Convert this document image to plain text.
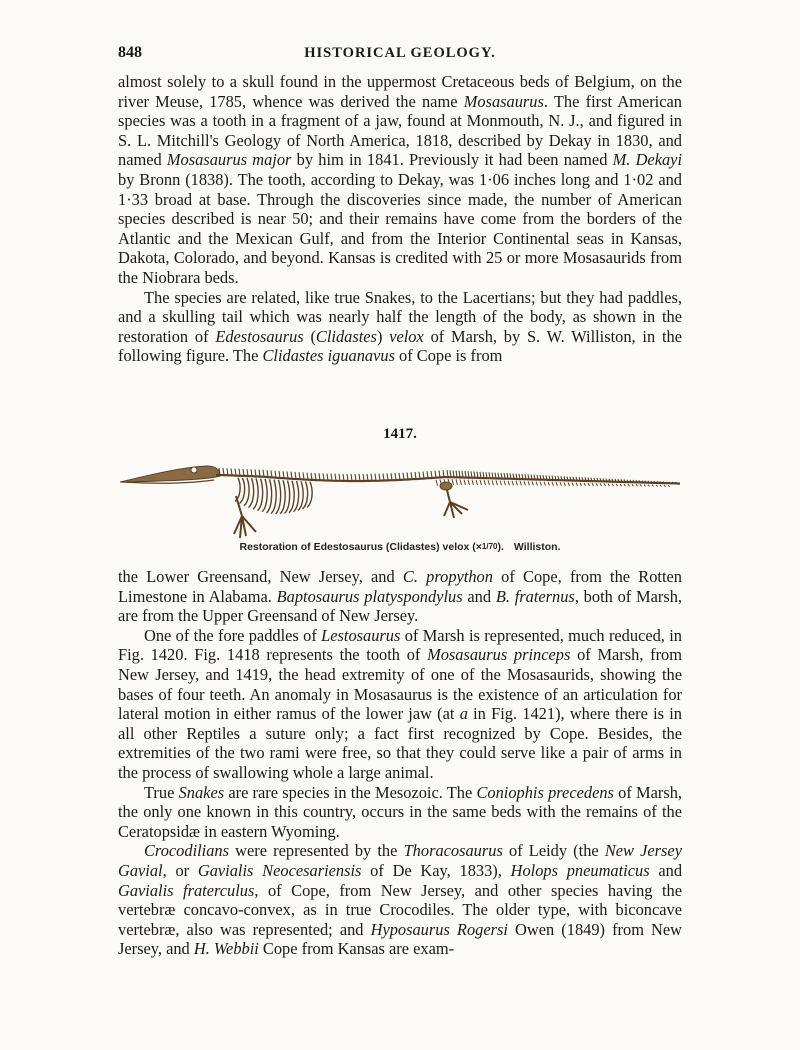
848	HISTORICAL GEOLOGY.

almost solely to a skull found in the uppermost Cretaceous beds of Belgium, on the river Meuse, 1785, whence was derived the name Mosasaurus. The first American species was a tooth in a fragment of a jaw, found at Monmouth, N. J., and figured in S. L. Mitchill's Geology of North America, 1818, described by Dekay in 1830, and named Mosasaurus major by him in 1841. Previously it had been named M. Dekayi by Bronn (1838). The tooth, according to Dekay, was 1·06 inches long and 1·02 and 1·33 broad at base. Through the discoveries since made, the number of American species described is near 50; and their remains have come from the borders of the Atlantic and the Mexican Gulf, and from the Interior Continental seas in Kansas, Dakota, Colorado, and beyond. Kansas is credited with 25 or more Mosasaurids from the Niobrara beds.

The species are related, like true Snakes, to the Lacertians; but they had paddles, and a skulling tail which was nearly half the length of the body, as shown in the restoration of Edestosaurus (Clidastes) velox of Marsh, by S. W. Williston, in the following figure. The Clidastes iguanavus of Cope is from

1417.
Restoration of Edestosaurus (Clidastes) velox (×1/70). Williston.

the Lower Greensand, New Jersey, and C. propython of Cope, from the Rotten Limestone in Alabama. Baptosaurus platyspondylus and B. fraternus, both of Marsh, are from the Upper Greensand of New Jersey.

One of the fore paddles of Lestosaurus of Marsh is represented, much reduced, in Fig. 1420. Fig. 1418 represents the tooth of Mosasaurus princeps of Marsh, from New Jersey, and 1419, the head extremity of one of the Mosasaurids, showing the bases of four teeth. An anomaly in Mosasaurus is the existence of an articulation for lateral motion in either ramus of the lower jaw (at a in Fig. 1421), where there is in all other Reptiles a suture only; a fact first recognized by Cope. Besides, the extremities of the two rami were free, so that they could serve like a pair of arms in the process of swallowing whole a large animal.

True Snakes are rare species in the Mesozoic. The Coniophis precedens of Marsh, the only one known in this country, occurs in the same beds with the remains of the Ceratopsidæ in eastern Wyoming.

Crocodilians were represented by the Thoracosaurus of Leidy (the New Jersey Gavial, or Gavialis Neocesariensis of De Kay, 1833), Holops pneumaticus and Gavialis fraterculus, of Cope, from New Jersey, and other species having the vertebræ concavo-convex, as in true Crocodiles. The older type, with biconcave vertebræ, also was represented; and Hyposaurus Rogersi Owen (1849) from New Jersey, and H. Webbii Cope from Kansas are exam-
